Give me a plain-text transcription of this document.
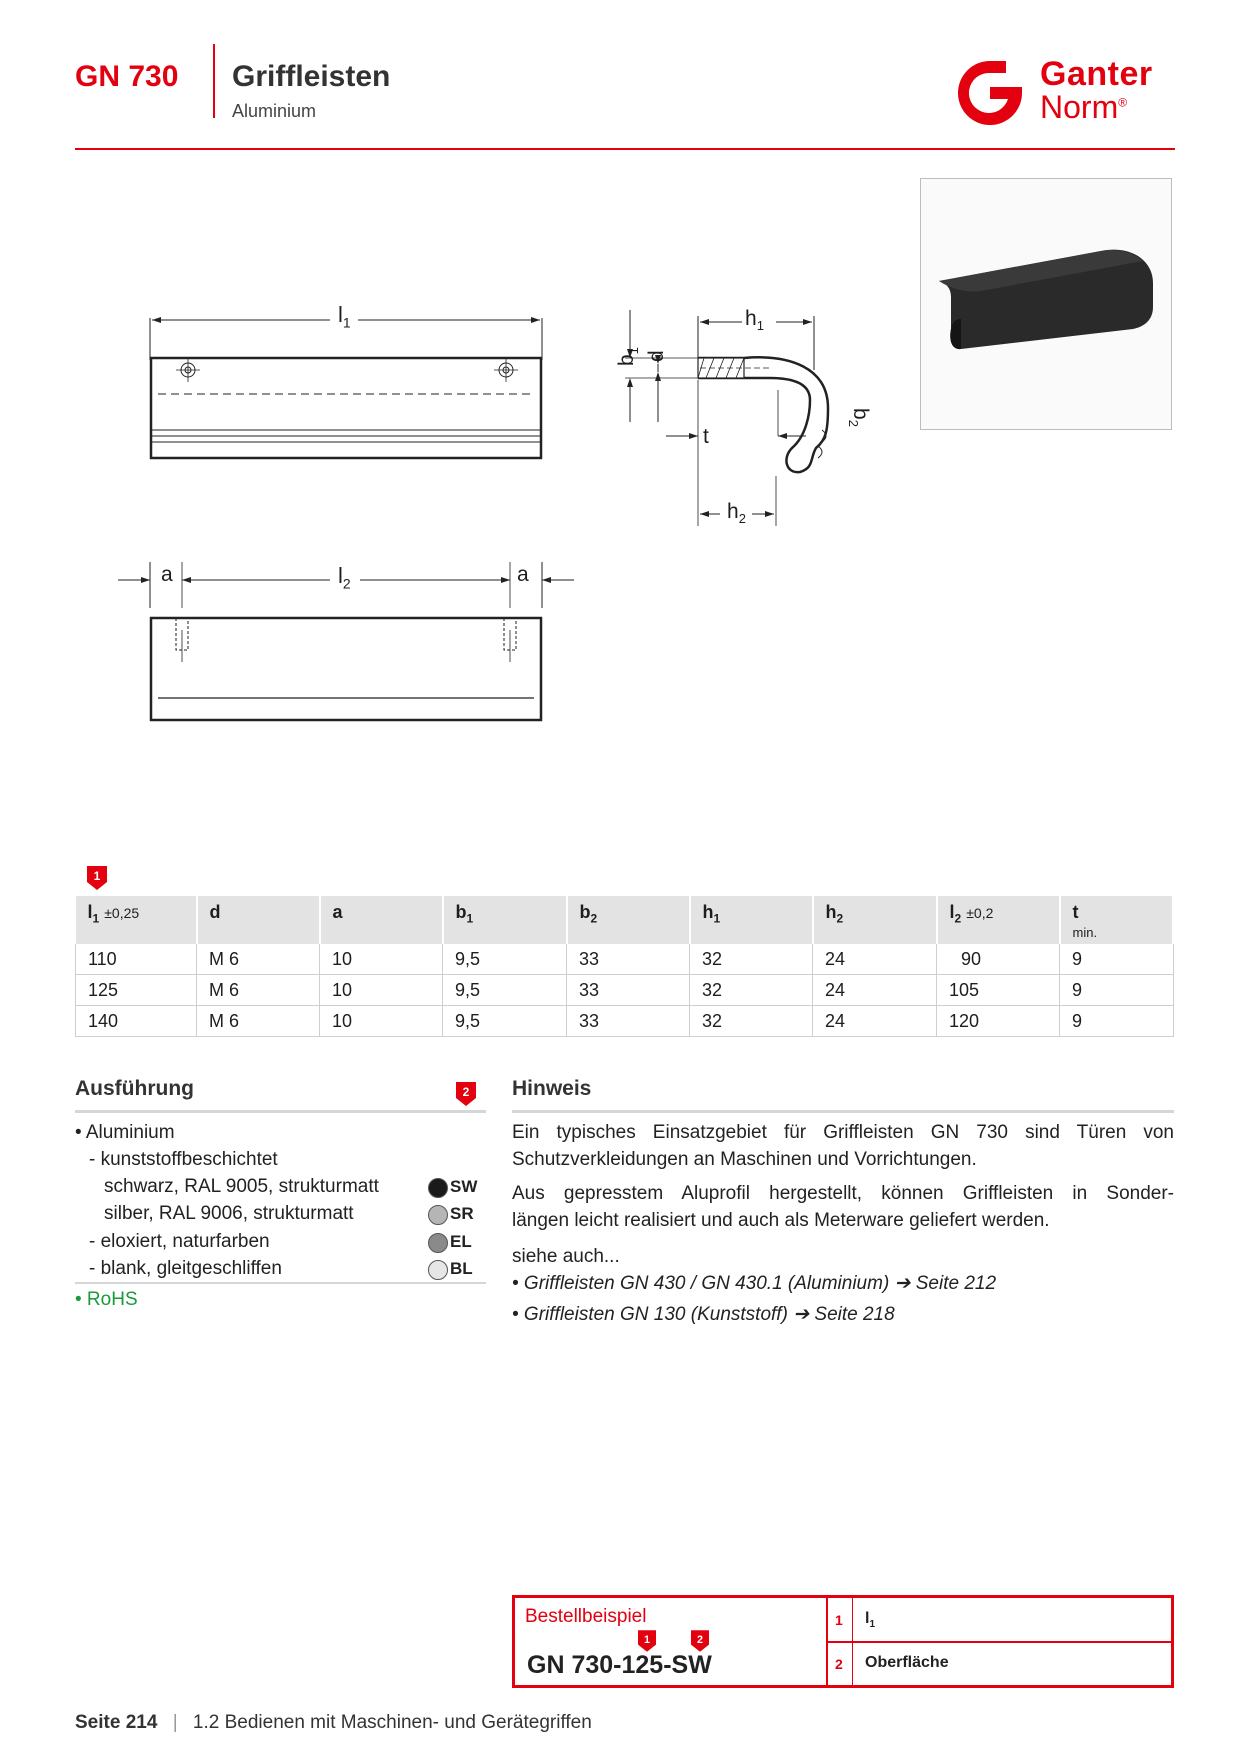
GN 730 Griffleisten
Aluminium
Ganter
Norm®
$l_1$
$l_2$
a	a
$h_1$
$h_2$
$b_1$ d
$b_2$
t
1
$l_1 \pm 0,25$	d	a	$b_1$	$b_2$	$h_1$	$h_2$	$l_2 \pm 0,2$	t
min.

110	M 6	10	9,5	33	32	24	90	9
125	M 6	10	9,5	33	32	24	105	9
140	M 6	10	9,5	33	32	24	120	9
Ausführung	2
• Aluminium
- kunststoffbeschichtet
schwarz, RAL 9005, strukturmatt	SW
silber, RAL 9006, strukturmatt	SR
- eloxiert, naturfarben	EL
- blank, gleitgeschliffen	BL
• RoHS
Hinweis
Ein typisches Einsatzgebiet für Griffleisten GN 730 sind Türen von
Schutzverkleidungen an Maschinen und Vorrichtungen.
Aus gepresstem Aluprofil hergestellt, können Griffleisten in Sonder-
längen leicht realisiert und auch als Meterware geliefert werden.
siehe auch...
• Griffleisten GN 430 / GN 430.1 (Aluminium) ➔ Seite 212
• Griffleisten GN 130 (Kunststoff) ➔ Seite 218
Bestellbeispiel
1	2
GN 730-125-SW
1 $l_1$
2 Oberfläche
Seite 214 | 1.2 Bedienen mit Maschinen- und Gerätegriffen
